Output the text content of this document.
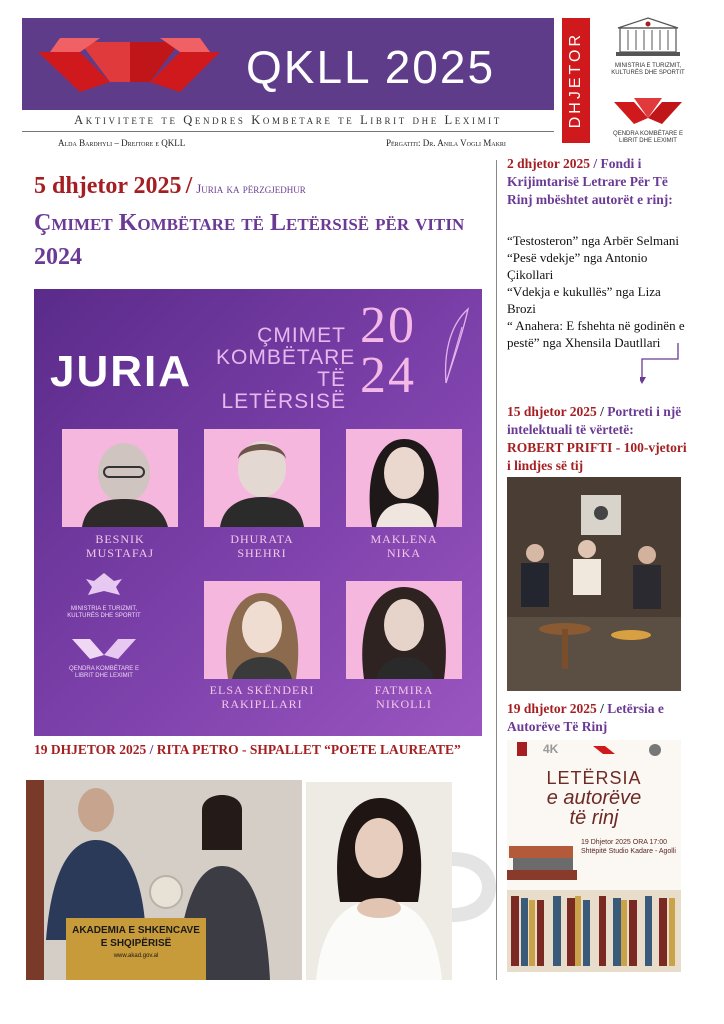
QKLL 2025	DHJETOR	MINISTRIA E TURIZMIT, KULTURËS DHE SPORTIT
QENDRA KOMBËTARE E LIBRIT DHE LEXIMIT
Aktivitete te Qendres Kombetare te Librit dhe Leximit
Alda Bardhyli – Drejtore e QKLL	Përgatiti: Dr. Anila Vogli Makri
5 dhjetor 2025 / Juria ka përzgjedhur
Çmimet Kombëtare të Letërsisë për vitin 2024
JURIA
ÇMIMET KOMBËTARE TË LETËRSISË
20
24
BESNIK
MUSTAFAJ
DHURATA
SHEHRI
MAKLENA
NIKA
ELSA SKËNDERI
RAKIPLLARI
FATMIRA
NIKOLLI
MINISTRIA E TURIZMIT, KULTURËS DHE SPORTIT
QENDRA KOMBËTARE E LIBRIT DHE LEXIMIT
19 DHJETOR 2025 / RITA PETRO - SHPALLET “POETE LAUREATE”
AKADEMIA E SHKENCAVE
E SHQIPËRISË
www.akad.gov.al
2 dhjetor 2025 / Fondi i Krijimtarisë Letrare Për Të Rinj mbështet autorët e rinj:
“Testosteron” nga Arbër Selmani
“Pesë vdekje” nga Antonio Çikollari
“Vdekja e kukullës” nga Liza Brozi
“ Anahera: E fshehta në godinën e pestë” nga Xhensila Dautllari
15 dhjetor 2025 / Portreti i një intelektuali të vërtetë: ROBERT PRIFTI - 100-vjetori i lindjes së tij
19 dhjetor 2025 / Letërsia e Autorëve Të Rinj
4K
LETËRSIA
e autorëve
të rinj
19 Dhjetor 2025 ORA 17:00
Shtëpitë Studio Kadare - Agolli
